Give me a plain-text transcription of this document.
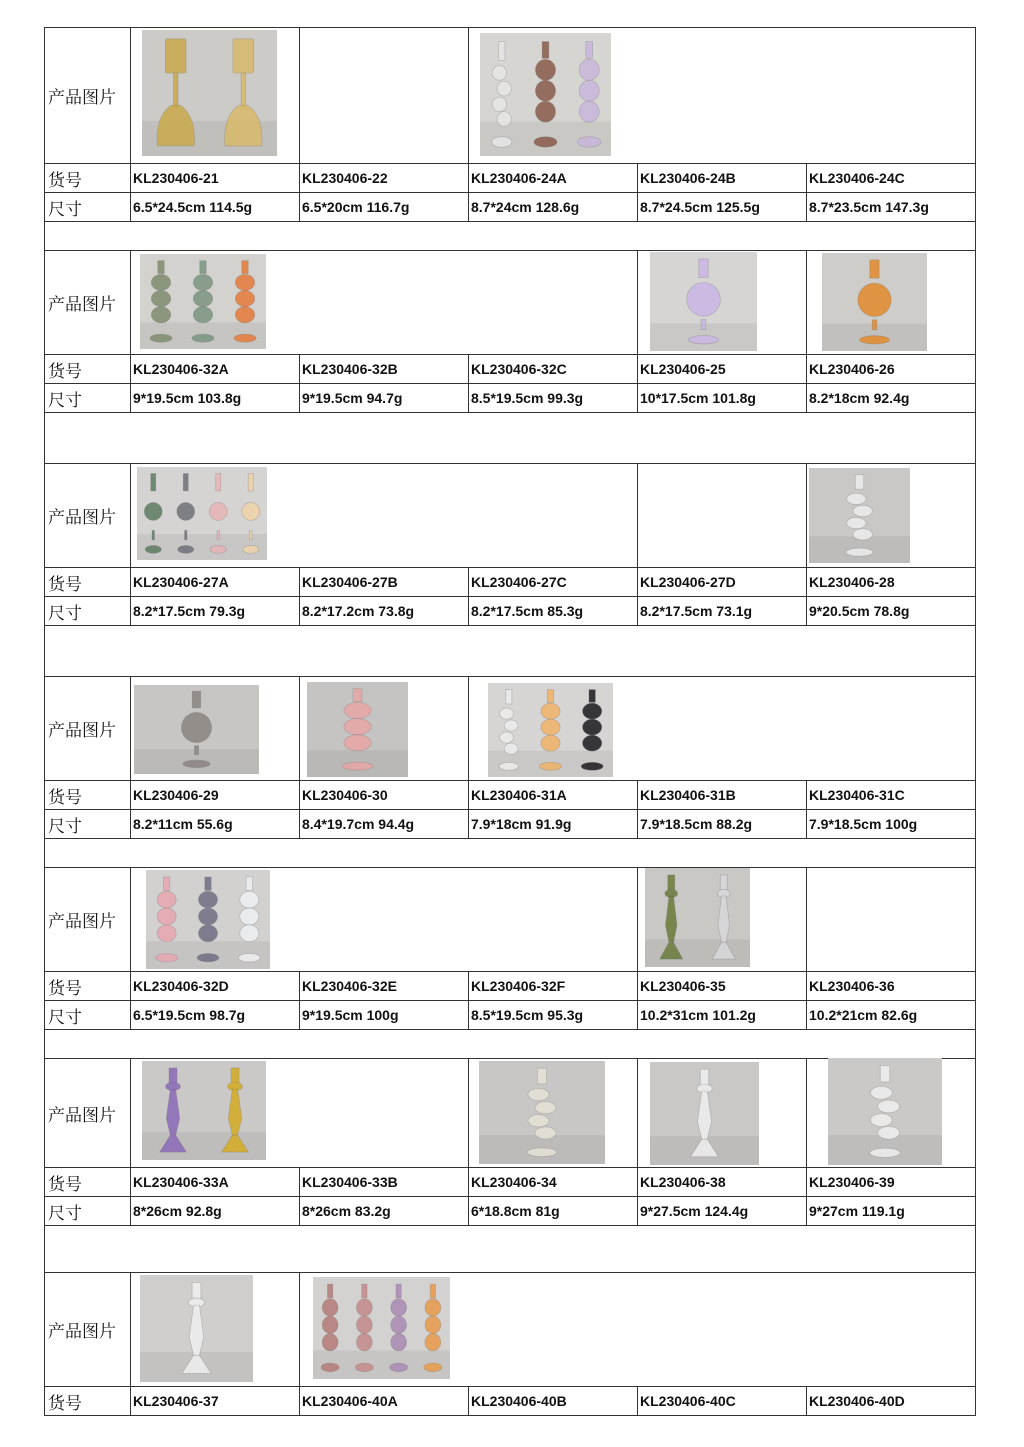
产品图片					
货号	KL230406-21	KL230406-22	KL230406-24A	KL230406-24B	KL230406-24C
尺寸	6.5*24.5cm 114.5g	6.5*20cm 116.7g	8.7*24cm 128.6g	8.7*24.5cm 125.5g	8.7*23.5cm 147.3g

产品图片					
货号	KL230406-32A	KL230406-32B	KL230406-32C	KL230406-25	KL230406-26
尺寸	9*19.5cm 103.8g	9*19.5cm 94.7g	8.5*19.5cm 99.3g	10*17.5cm 101.8g	8.2*18cm 92.4g

产品图片					
货号	KL230406-27A	KL230406-27B	KL230406-27C	KL230406-27D	KL230406-28
尺寸	8.2*17.5cm 79.3g	8.2*17.2cm 73.8g	8.2*17.5cm 85.3g	8.2*17.5cm 73.1g	9*20.5cm 78.8g

产品图片					
货号	KL230406-29	KL230406-30	KL230406-31A	KL230406-31B	KL230406-31C
尺寸	8.2*11cm 55.6g	8.4*19.7cm 94.4g	7.9*18cm 91.9g	7.9*18.5cm 88.2g	7.9*18.5cm 100g

产品图片					
货号	KL230406-32D	KL230406-32E	KL230406-32F	KL230406-35	KL230406-36
尺寸	6.5*19.5cm 98.7g	9*19.5cm 100g	8.5*19.5cm 95.3g	10.2*31cm 101.2g	10.2*21cm 82.6g

产品图片					
货号	KL230406-33A	KL230406-33B	KL230406-34	KL230406-38	KL230406-39
尺寸	8*26cm 92.8g	8*26cm 83.2g	6*18.8cm 81g	9*27.5cm 124.4g	9*27cm 119.1g

产品图片					
货号	KL230406-37	KL230406-40A	KL230406-40B	KL230406-40C	KL230406-40D
